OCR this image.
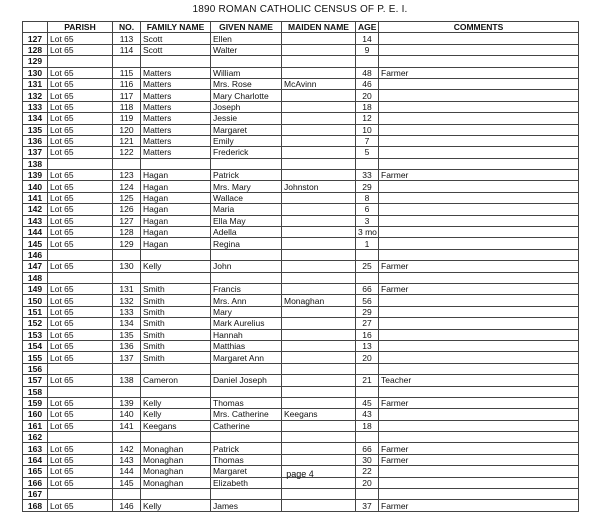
1890 ROMAN CATHOLIC CENSUS OF P. E. I.
	PARISH	NO.	FAMILY NAME	GIVEN NAME	MAIDEN NAME	AGE	COMMENTS
127	Lot 65	113	Scott	Ellen		14	
128	Lot 65	114	Scott	Walter		9	
129							
130	Lot 65	115	Matters	William		48	Farmer
131	Lot 65	116	Matters	Mrs. Rose	McAvinn	46	
132	Lot 65	117	Matters	Mary Charlotte		20	
133	Lot 65	118	Matters	Joseph		18	
134	Lot 65	119	Matters	Jessie		12	
135	Lot 65	120	Matters	Margaret		10	
136	Lot 65	121	Matters	Emily		7	
137	Lot 65	122	Matters	Frederick		5	
138							
139	Lot 65	123	Hagan	Patrick		33	Farmer
140	Lot 65	124	Hagan	Mrs. Mary	Johnston	29	
141	Lot 65	125	Hagan	Wallace		8	
142	Lot 65	126	Hagan	Maria		6	
143	Lot 65	127	Hagan	Ella May		3	
144	Lot 65	128	Hagan	Adella		3 mo	
145	Lot 65	129	Hagan	Regina		1	
146							
147	Lot 65	130	Kelly	John		25	Farmer
148							
149	Lot 65	131	Smith	Francis		66	Farmer
150	Lot 65	132	Smith	Mrs. Ann	Monaghan	56	
151	Lot 65	133	Smith	Mary		29	
152	Lot 65	134	Smith	Mark Aurelius		27	
153	Lot 65	135	Smith	Hannah		16	
154	Lot 65	136	Smith	Matthias		13	
155	Lot 65	137	Smith	Margaret Ann		20	
156							
157	Lot 65	138	Cameron	Daniel Joseph		21	Teacher
158							
159	Lot 65	139	Kelly	Thomas		45	Farmer
160	Lot 65	140	Kelly	Mrs. Catherine	Keegans	43	
161	Lot 65	141	Keegans	Catherine		18	
162							
163	Lot 65	142	Monaghan	Patrick		66	Farmer
164	Lot 65	143	Monaghan	Thomas		30	Farmer
165	Lot 65	144	Monaghan	Margaret		22	
166	Lot 65	145	Monaghan	Elizabeth		20	
167							
168	Lot 65	146	Kelly	James		37	Farmer
page 4
